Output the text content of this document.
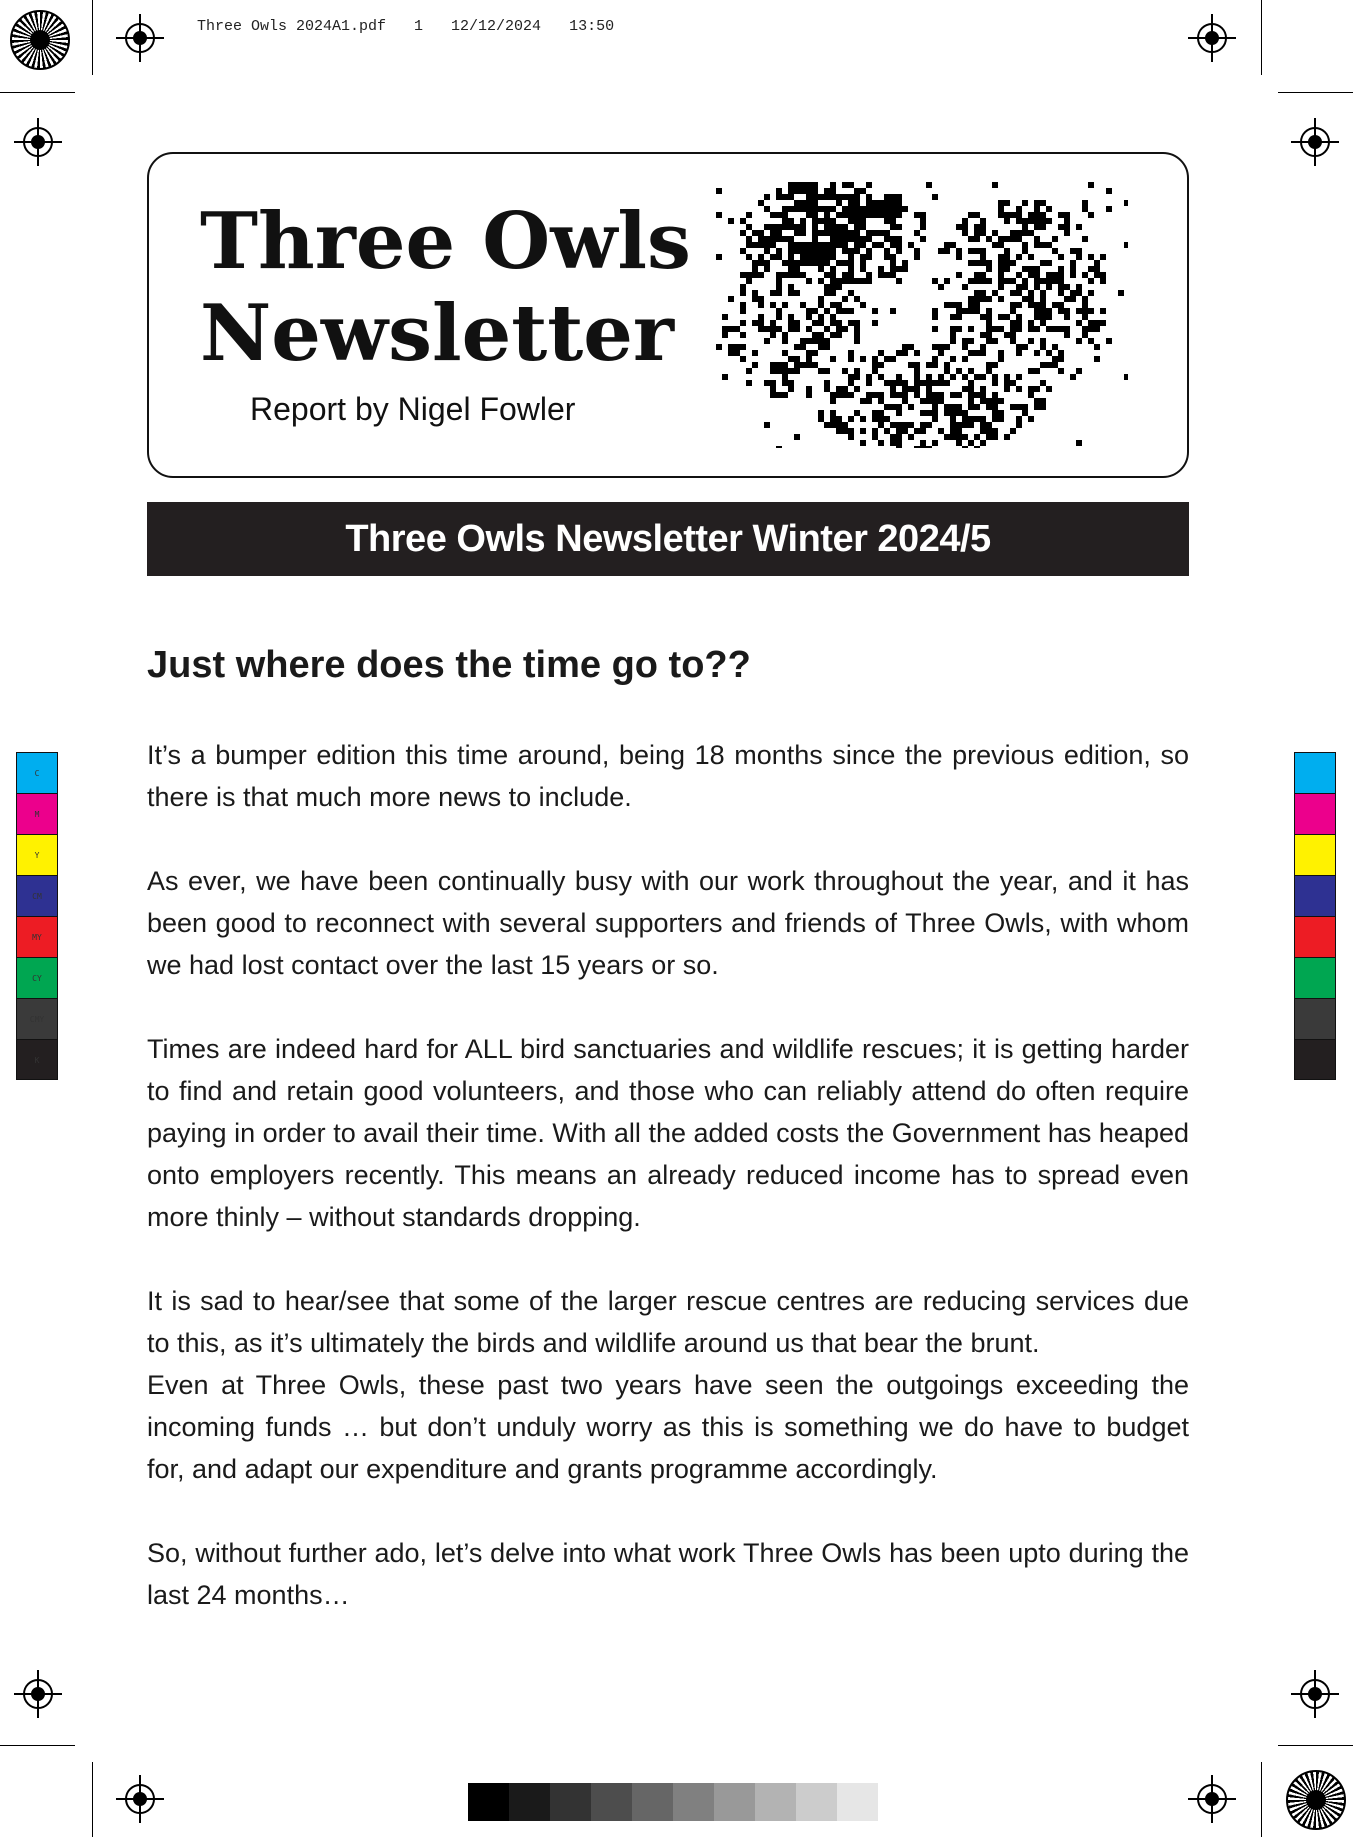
Three Owls 2024A1.pdf 1 12/12/2024 13:50
C
M
Y
CM
MY
CY
CMY
K
Three Owls
Newsletter
Report by Nigel Fowler
Three Owls Newsletter Winter 2024/5
Just where does the time go to??

It’s a bumper edition this time around, being 18 months since the previous edition, so there is that much more news to include.

As ever, we have been continually busy with our work throughout the year, and it has been good to reconnect with several supporters and friends of Three Owls, with whom we had lost contact over the last 15 years or so.

Times are indeed hard for ALL bird sanctuaries and wildlife rescues; it is getting harder to find and retain good volunteers, and those who can reliably attend do often require paying in order to avail their time. With all the added costs the Government has heaped onto employers recently. This means an already reduced income has to spread even more thinly – without standards dropping.

It is sad to hear/see that some of the larger rescue centres are reducing services due to this, as it’s ultimately the birds and wildlife around us that bear the brunt.

Even at Three Owls, these past two years have seen the outgoings exceeding the incoming funds … but don’t unduly worry as this is something we do have to budget for, and adapt our expenditure and grants programme accordingly.

So, without further ado, let’s delve into what work Three Owls has been upto during the last 24 months…
